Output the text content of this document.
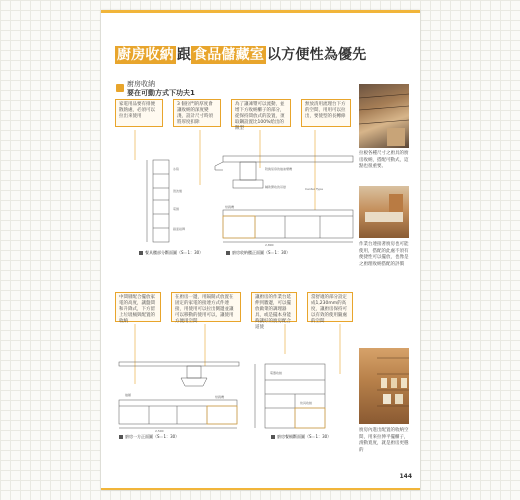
廚房收納 跟 食品儲藏室 以方便性為優先
廚房收納
要在可動方式下功夫1
家電用品要有排便散熱處，必須可以拉出來使用
3 個拉門的厚度會讓收納的深度變淺，設計尺寸時須將厚度扣除
為了讓凍漿可以流動，並增下方收納櫃子的部分，從保持間放式的設置，須取鋼設置比100%給出的限型
無放清用流理台下方的空間，用用可以拉出，要使型的長轉條
冰箱
微波爐
電鍋
牆面磁磚
附換氣扇的抽油煙機
輔助開收的吊掛	Center Type
烘碗機
2,890
餐具櫃部分斷面圖（S＝1：30）	廚房收納櫃正面圖（S＝1：30）
拉板各種尺寸之廚具的廚房收納，搭配可動式，這點也很重要。
作業台連接著廚房也可能使用，搭配的此處不須有便捷性可以擺放，也像是之廚理收納搭配的評價
中間層配合擺放家電的高度，讓盤間和升降式，下方留上垃圾桶與配置的收納
在廚房一邊，用隔開式放置在固定的家電的接連方式件連接，用使用可以拉出側邊並讓可以移動的使用可以，讓使用方便用空間
讓廚房的作業台延伸到牆邊，可以擺放做菜的調理器具，或是擺本身能夠讓好的廚房配合道使
當舒適的部分設定成1,230mm的高度，讓廚房保持可以有效的使用隨處的空間
抽屜	烘碗機
2,500
電器收納
炊具收納
廚房一方正面圖（S＝1：30）	廚房餐桶斷面圖（S＝1：30）
廚房內進出配置的收納空間，用來拉伸平擺櫃子，滑動寬度，就是廚房更穩的
144
